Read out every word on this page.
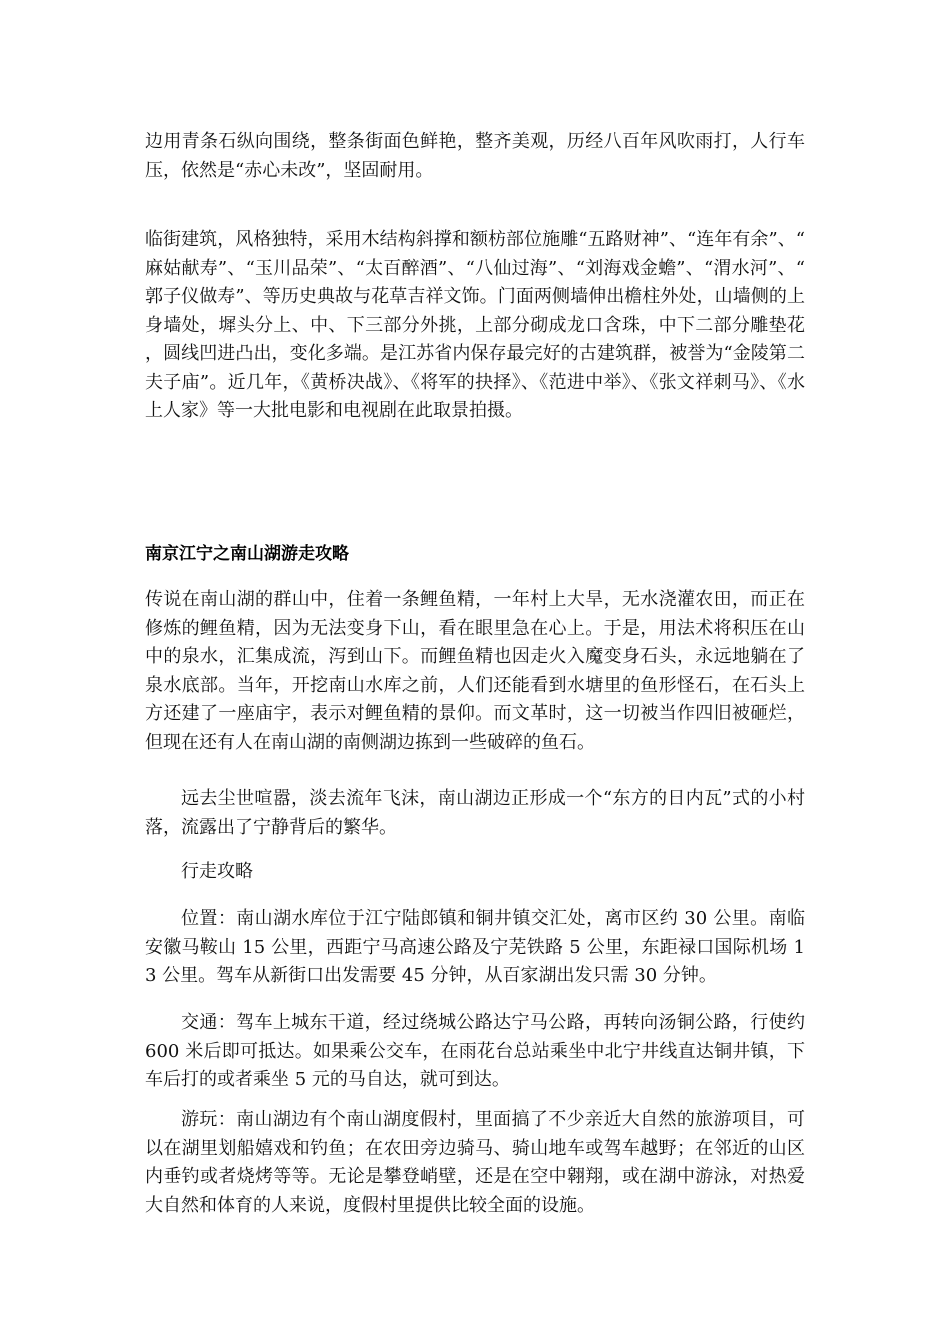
边用青条石纵向围绕，整条街面色鲜艳，整齐美观，历经八百年风吹雨打，人行车压，依然是“赤心未改”，坚固耐用。

临街建筑，风格独特，采用木结构斜撑和额枋部位施雕“五路财神”、“连年有余”、“麻姑献寿”、“玉川品荣”、“太百醉酒”、“八仙过海”、“刘海戏金蟾”、“渭水河”、“郭子仪做寿”、等历史典故与花草吉祥文饰。门面两侧墙伸出檐柱外处，山墙侧的上身墙处，墀头分上、中、下三部分外挑，上部分砌成龙口含珠，中下二部分雕垫花，圆线凹进凸出，变化多端。是江苏省内保存最完好的古建筑群，被誉为“金陵第二夫子庙”。近几年，《黄桥决战》、《将军的抉择》、《范进中举》、《张文祥刺马》、《水上人家》等一大批电影和电视剧在此取景拍摄。

南京江宁之南山湖游走攻略

传说在南山湖的群山中，住着一条鲤鱼精，一年村上大旱，无水浇灌农田，而正在修炼的鲤鱼精，因为无法变身下山，看在眼里急在心上。于是，用法术将积压在山中的泉水，汇集成流，泻到山下。而鲤鱼精也因走火入魔变身石头，永远地躺在了泉水底部。当年，开挖南山水库之前，人们还能看到水塘里的鱼形怪石，在石头上方还建了一座庙宇，表示对鲤鱼精的景仰。而文革时，这一切被当作四旧被砸烂，但现在还有人在南山湖的南侧湖边拣到一些破碎的鱼石。

远去尘世喧嚣，淡去流年飞沫，南山湖边正形成一个“东方的日内瓦”式的小村落，流露出了宁静背后的繁华。

行走攻略

位置：南山湖水库位于江宁陆郎镇和铜井镇交汇处，离市区约 30 公里。南临安徽马鞍山 15 公里，西距宁马高速公路及宁芜铁路 5 公里，东距禄口国际机场 13 公里。驾车从新街口出发需要 45 分钟，从百家湖出发只需 30 分钟。

交通：驾车上城东干道，经过绕城公路达宁马公路，再转向汤铜公路，行使约 600 米后即可抵达。如果乘公交车，在雨花台总站乘坐中北宁井线直达铜井镇，下车后打的或者乘坐 5 元的马自达，就可到达。

游玩：南山湖边有个南山湖度假村，里面搞了不少亲近大自然的旅游项目，可以在湖里划船嬉戏和钓鱼；在农田旁边骑马、骑山地车或驾车越野；在邻近的山区内垂钓或者烧烤等等。无论是攀登峭壁，还是在空中翱翔，或在湖中游泳，对热爱大自然和体育的人来说，度假村里提供比较全面的设施。
